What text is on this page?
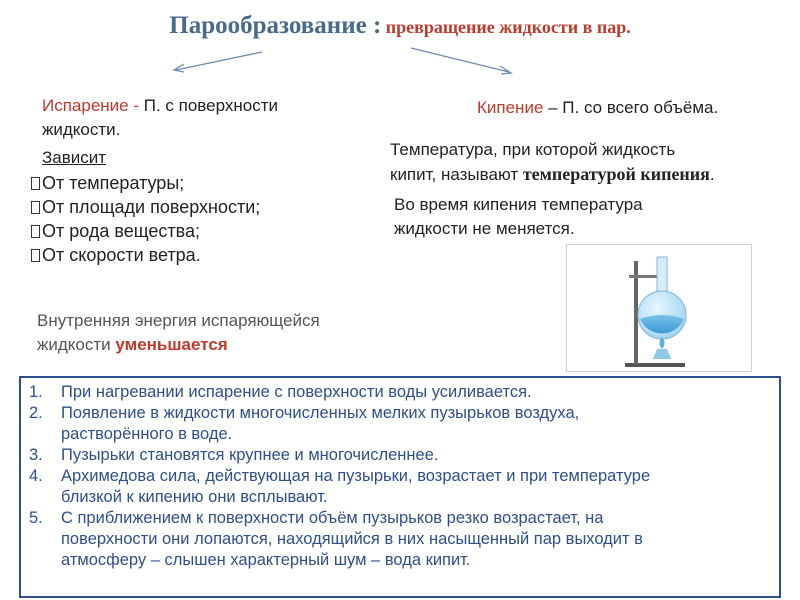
Парообразование : превращение жидкости в пар.
Испарение - П. с поверхности
жидкости.
Зависит
От температуры;
От площади поверхности;
От рода вещества;
От скорости ветра.
Внутренняя энергия испаряющейся
жидкости уменьшается
Кипение – П. со всего объёма.
Температура, при которой жидкость
кипит, называют температурой кипения.
Во время кипения температура
жидкости не меняется.
1. При нагревании испарение с поверхности воды усиливается.
2. Появление в жидкости многочисленных мелких пузырьков воздуха,
растворённого в воде.
3. Пузырьки становятся крупнее и многочисленнее.
4. Архимедова сила, действующая на пузырьки, возрастает и при температуре
близкой к кипению они всплывают.
5. С приближением к поверхности объём пузырьков резко возрастает, на
поверхности они лопаются, находящийся в них насыщенный пар выходит в
атмосферу – слышен характерный шум – вода кипит.
